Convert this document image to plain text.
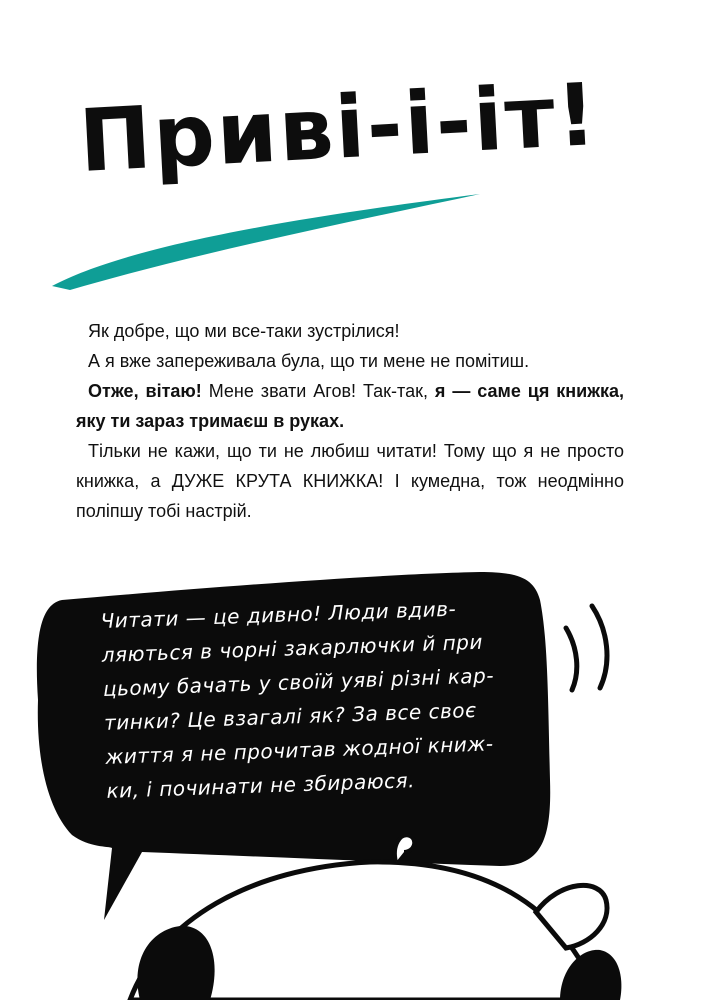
Приві-і-іт!

Як добре, що ми все-таки зустрілися!

А я вже запереживала була, що ти мене не помітиш.

Отже, вітаю! Мене звати Агов! Так-так, я — саме ця книжка, яку ти зараз тримаєш в руках.

Тільки не кажи, що ти не любиш читати! Тому що я не просто книжка, а ДУЖЕ КРУТА КНИЖКА! І кумедна, тож неодмінно поліпшу тобі настрій.

Читати — це дивно! Люди вдив-
ляються в чорні закарлючки й при
цьому бачать у своїй уяві різні кар-
тинки? Це взагалі як? За все своє
життя я не прочитав жодної книж-
ки, і починати не збираюся.
